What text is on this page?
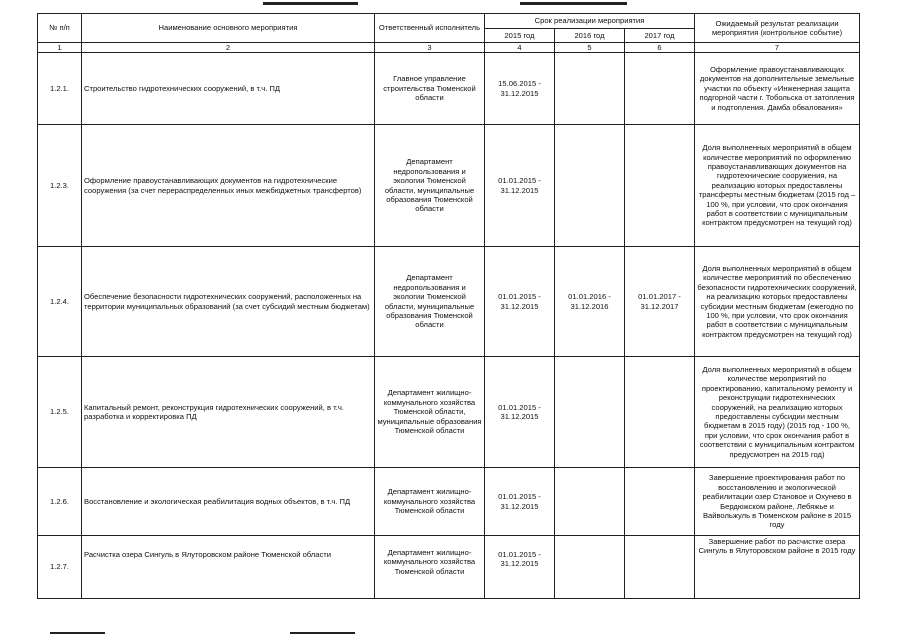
№ п/п	Наименование основного мероприятия	Ответственный исполнитель	Срок реализации мероприятия			Ожидаемый результат реализации мероприятия (контрольное событие)
			2015 год	2016 год	2017 год	
1	2	3	4	5	6	7
1.2.1.	Строительство гидротехнических сооружений, в т.ч. ПД	Главное управление строительства Тюменской области	15.06.2015 - 31.12.2015			Оформление правоустанавливающих документов на дополнительные земельные участки по объекту «Инженерная защита подгорной части г. Тобольска от затопления и подтопления. Дамба обвалования»
1.2.3.	Оформление правоустанавливающих документов на гидротехнические сооружения (за счет перераспределенных иных межбюджетных трансфертов)	Департамент недропользования и экологии Тюменской области, муниципальные образования Тюменской области	01.01.2015 - 31.12.2015			Доля выполненных мероприятий в общем количестве мероприятий по оформлению правоустанавливающих документов на гидротехнические сооружения, на реализацию которых предоставлены трансферты местным бюджетам (2015 год – 100 %, при условии, что срок окончания работ в соответствии с муниципальным контрактом предусмотрен на текущий год)
1.2.4.	Обеспечение безопасности гидротехнических сооружений, расположенных на территории муниципальных образований (за счет субсидий местным бюджетам)	Департамент недропользования и экологии Тюменской области, муниципальные образования Тюменской области	01.01.2015 - 31.12.2015	01.01.2016 - 31.12.2016	01.01.2017 - 31.12.2017	Доля выполненных мероприятий в общем количестве мероприятий по обеспечению безопасности гидротехнических сооружений, на реализацию которых предоставлены субсидии местным бюджетам (ежегодно по 100 %, при условии, что срок окончания работ в соответствии с муниципальным контрактом предусмотрен на текущий год)
1.2.5.	Капитальный ремонт, реконструкция гидротехнических сооружений, в т.ч. разработка и корректировка ПД	Департамент жилищно-коммунального хозяйства Тюменской области, муниципальные образования Тюменской области	01.01.2015 - 31.12.2015			Доля выполненных мероприятий в общем количестве мероприятий по проектированию, капитальному ремонту и реконструкции гидротехнических сооружений, на реализацию которых предоставлены субсидии местным бюджетам в 2015 году) (2015 год - 100 %, при условии, что срок окончания работ в соответствии с муниципальным контрактом предусмотрен на 2015 год)
1.2.6.	Восстановление и экологическая реабилитация водных объектов, в т.ч. ПД	Департамент жилищно-коммунального хозяйства Тюменской области	01.01.2015 - 31.12.2015			Завершение проектирования работ по восстановлению и экологической реабилитации озер Становое и Охунево в Бердюжском районе, Лебяжье и Вайвольжуль в Тюменском районе в 2015 году
1.2.7.	Расчистка озера Сингуль в Ялуторовском районе Тюменской области	Департамент жилищно-коммунального хозяйства Тюменской области	01.01.2015 - 31.12.2015			Завершение работ по расчистке озера Сингуль в Ялуторовском районе в 2015 году
